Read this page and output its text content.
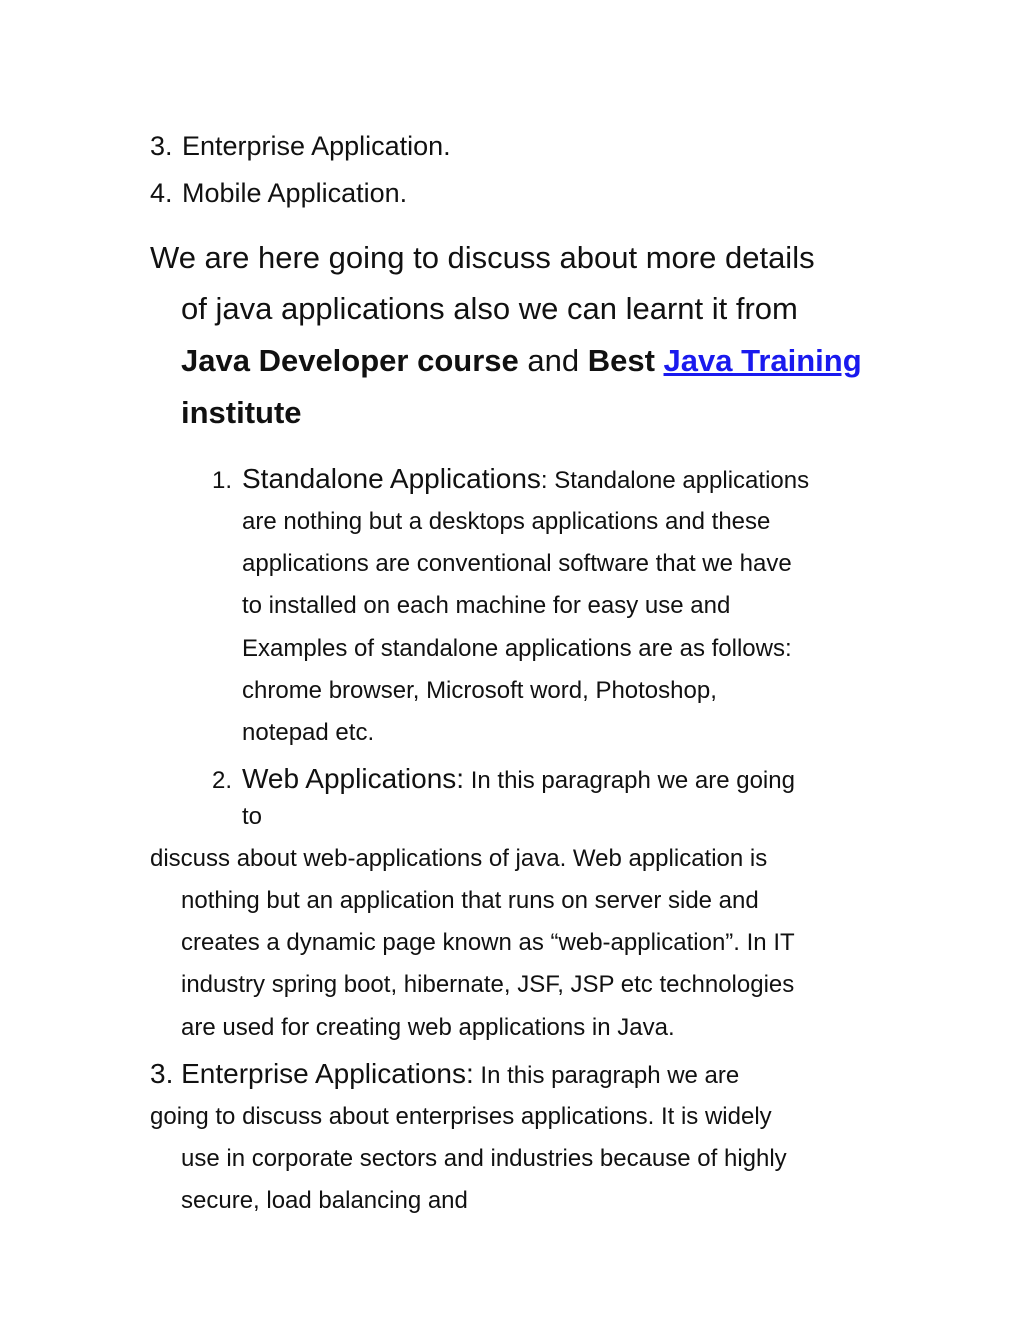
3. Enterprise Application.
4. Mobile Application.
We are here going to discuss about more details
of java applications also we can learnt it from
Java Developer course and Best Java Training
institute
1. Standalone Applications: Standalone applications
are nothing but a desktops applications and these
applications are conventional software that we have
to installed on each machine for easy use and
Examples of standalone applications are as follows:
chrome browser, Microsoft word, Photoshop,
notepad etc.
2. Web Applications: In this paragraph we are going
to
discuss about web-applications of java. Web application is
nothing but an application that runs on server side and
creates a dynamic page known as “web-application”. In IT
industry spring boot, hibernate, JSF, JSP etc technologies
are used for creating web applications in Java.
3. Enterprise Applications: In this paragraph we are
going to discuss about enterprises applications. It is widely
use in corporate sectors and industries because of highly
secure, load balancing and
